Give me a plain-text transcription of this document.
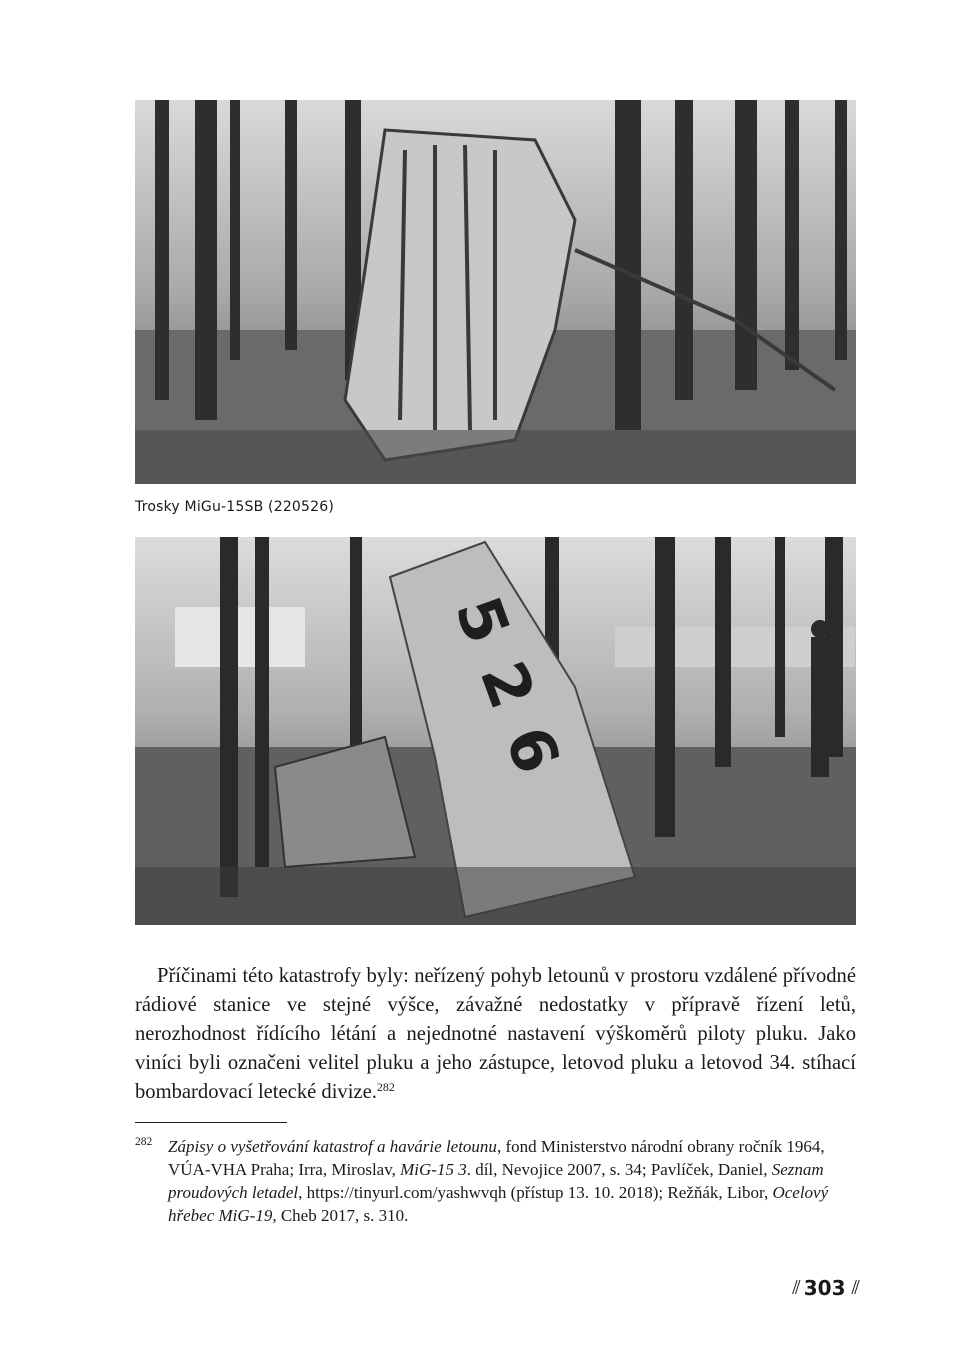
Trosky MiGu-15SB (220526)
5
2
6

Příčinami této katastrofy byly: neřízený pohyb letounů v prostoru vzdálené přívodné rádiové stanice ve stejné výšce, závažné nedostatky v přípravě řízení letů, nerozhodnost řídícího létání a nejednotné nastavení výškoměrů piloty pluku. Jako viníci byli označeni velitel pluku a jeho zástupce, letovod pluku a letovod 34. stíhací bombardovací letecké divize.$^{282}$

282 Zápisy o vyšetřování katastrof a havárie letounu, fond Ministerstvo národní obrany ročník 1964, VÚA-VHA Praha; Irra, Miroslav, MiG-15 3. díl, Nevojice 2007, s. 34; Pavlíček, Daniel, Seznam proudových letadel, https://tinyurl.com/yashwvqh (přístup 13. 10. 2018); Režňák, Libor, Ocelový hřebec MiG-19, Cheb 2017, s. 310.

⫽ 303 ⫽
